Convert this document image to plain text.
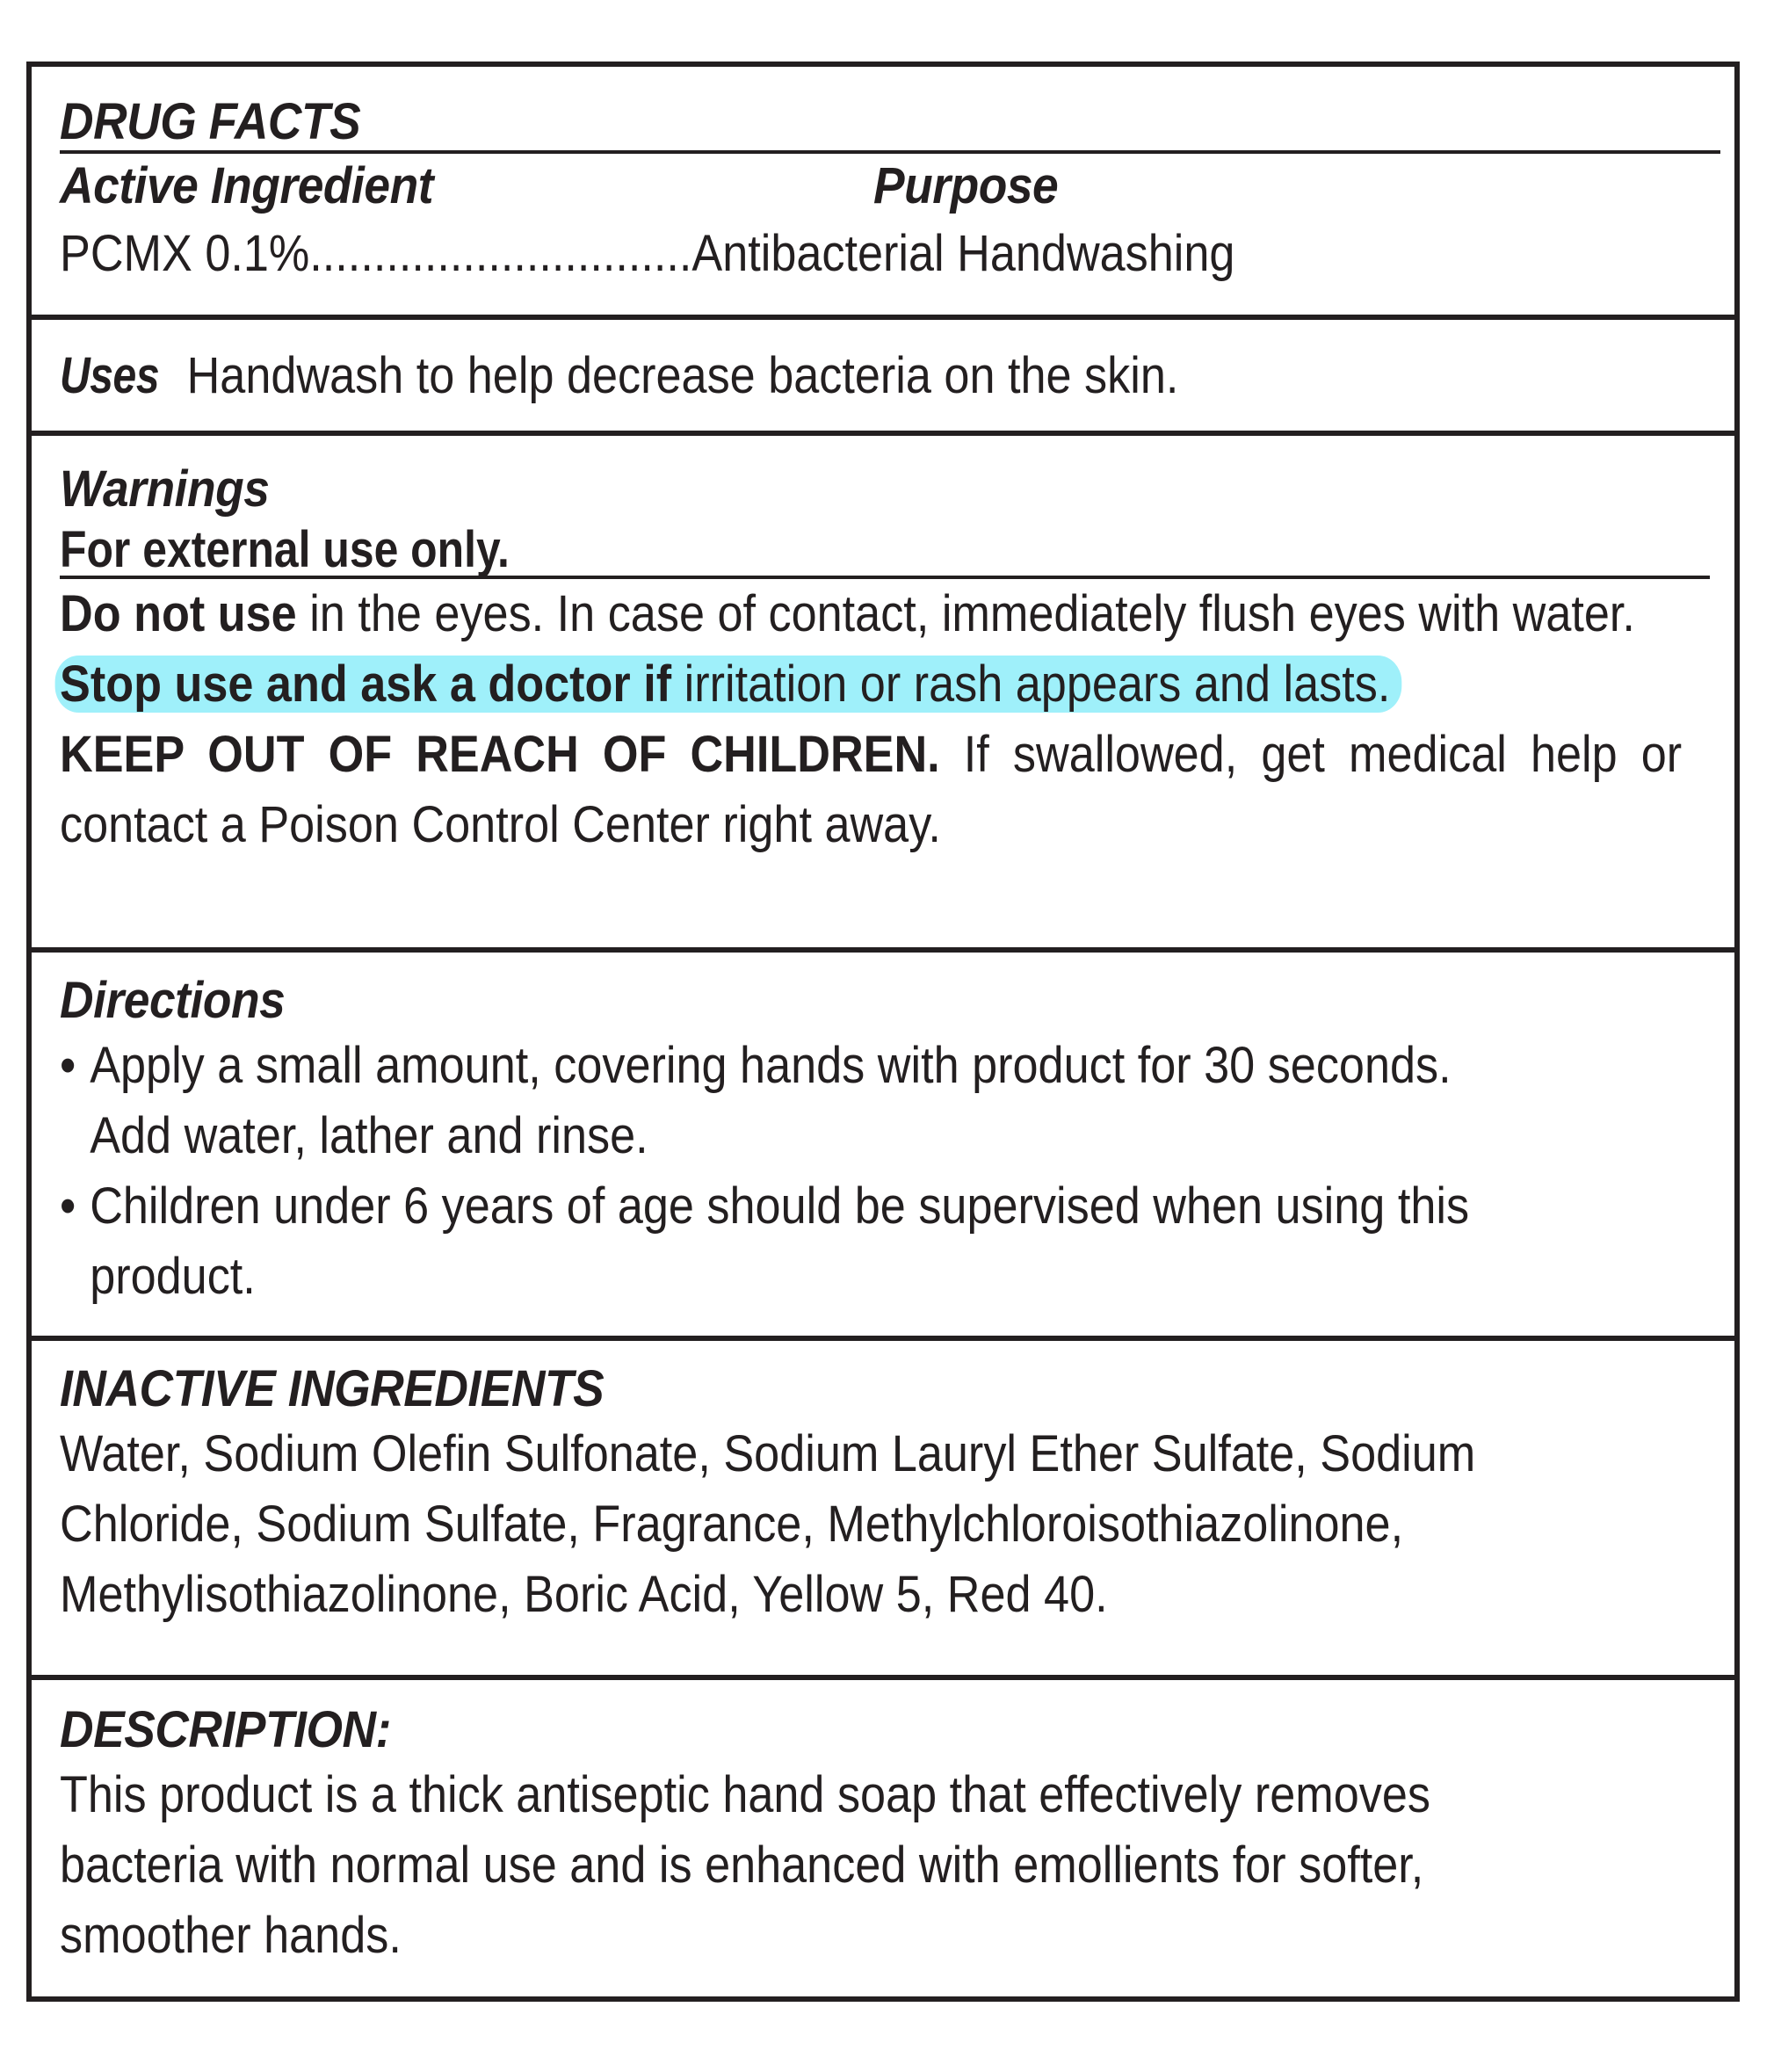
DRUG FACTS
Active Ingredient	Purpose
PCMX 0.1%..............................Antibacterial Handwashing
Uses Handwash to help decrease bacteria on the skin.
Warnings
For external use only.
Do not use in the eyes. In case of contact, immediately flush eyes with water.
Stop use and ask a doctor if irritation or rash appears and lasts.
KEEP OUT OF REACH OF CHILDREN. If swallowed, get medical help or
contact a Poison Control Center right away.
Directions
• Apply a small amount, covering hands with product for 30 seconds.
Add water, lather and rinse.
• Children under 6 years of age should be supervised when using this
product.
INACTIVE INGREDIENTS
Water, Sodium Olefin Sulfonate, Sodium Lauryl Ether Sulfate, Sodium
Chloride, Sodium Sulfate, Fragrance, Methylchloroisothiazolinone,
Methylisothiazolinone, Boric Acid, Yellow 5, Red 40.
DESCRIPTION:
This product is a thick antiseptic hand soap that effectively removes
bacteria with normal use and is enhanced with emollients for softer,
smoother hands.
